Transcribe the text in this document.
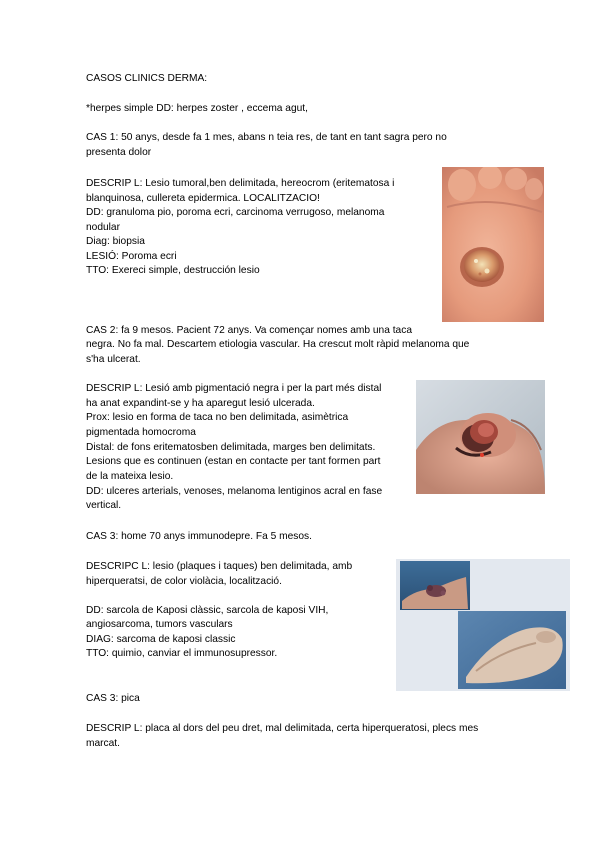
CASOS CLINICS DERMA:
*herpes simple DD: herpes zoster , eccema agut,
CAS 1: 50 anys, desde fa 1 mes, abans n teia res, de tant en tant sagra pero no
presenta dolor
DESCRIP L: Lesio tumoral,ben delimitada, hereocrom (eritematosa i
blanquinosa, cullereta epidermica. LOCALITZACIO!
DD: granuloma pio, poroma ecri, carcinoma verrugoso, melanoma
nodular
Diag: biopsia
LESIÓ: Poroma ecri
TTO: Exereci simple, destrucción lesio
CAS 2: fa 9 mesos. Pacient 72 anys. Va començar nomes amb una taca
negra. No fa mal. Descartem etiologia vascular. Ha crescut molt ràpid melanoma que
s'ha ulcerat.
DESCRIP L: Lesió amb pigmentació negra i per la part més distal
ha anat expandint-se y ha aparegut lesió ulcerada.
Prox: lesio en forma de taca no ben delimitada, asimètrica
pigmentada homocroma
Distal: de fons eritematosben delimitada, marges ben delimitats.
Lesions que es continuen (estan en contacte per tant formen part
de la mateixa lesio.
DD: ulceres arterials, venoses, melanoma lentiginos acral en fase
vertical.
CAS 3: home 70 anys immunodepre. Fa 5 mesos.
DESCRIPC L: lesio (plaques i taques) ben delimitada, amb
hiperqueratsi, de color violàcia, localització.
DD: sarcola de Kaposi clàssic, sarcola de kaposi VIH,
angiosarcoma, tumors vasculars
DIAG: sarcoma de kaposi classic
TTO: quimio, canviar el immunosupressor.
CAS 3: pica
DESCRIP L: placa al dors del peu dret, mal delimitada, certa hiperqueratosi, plecs mes
marcat.
